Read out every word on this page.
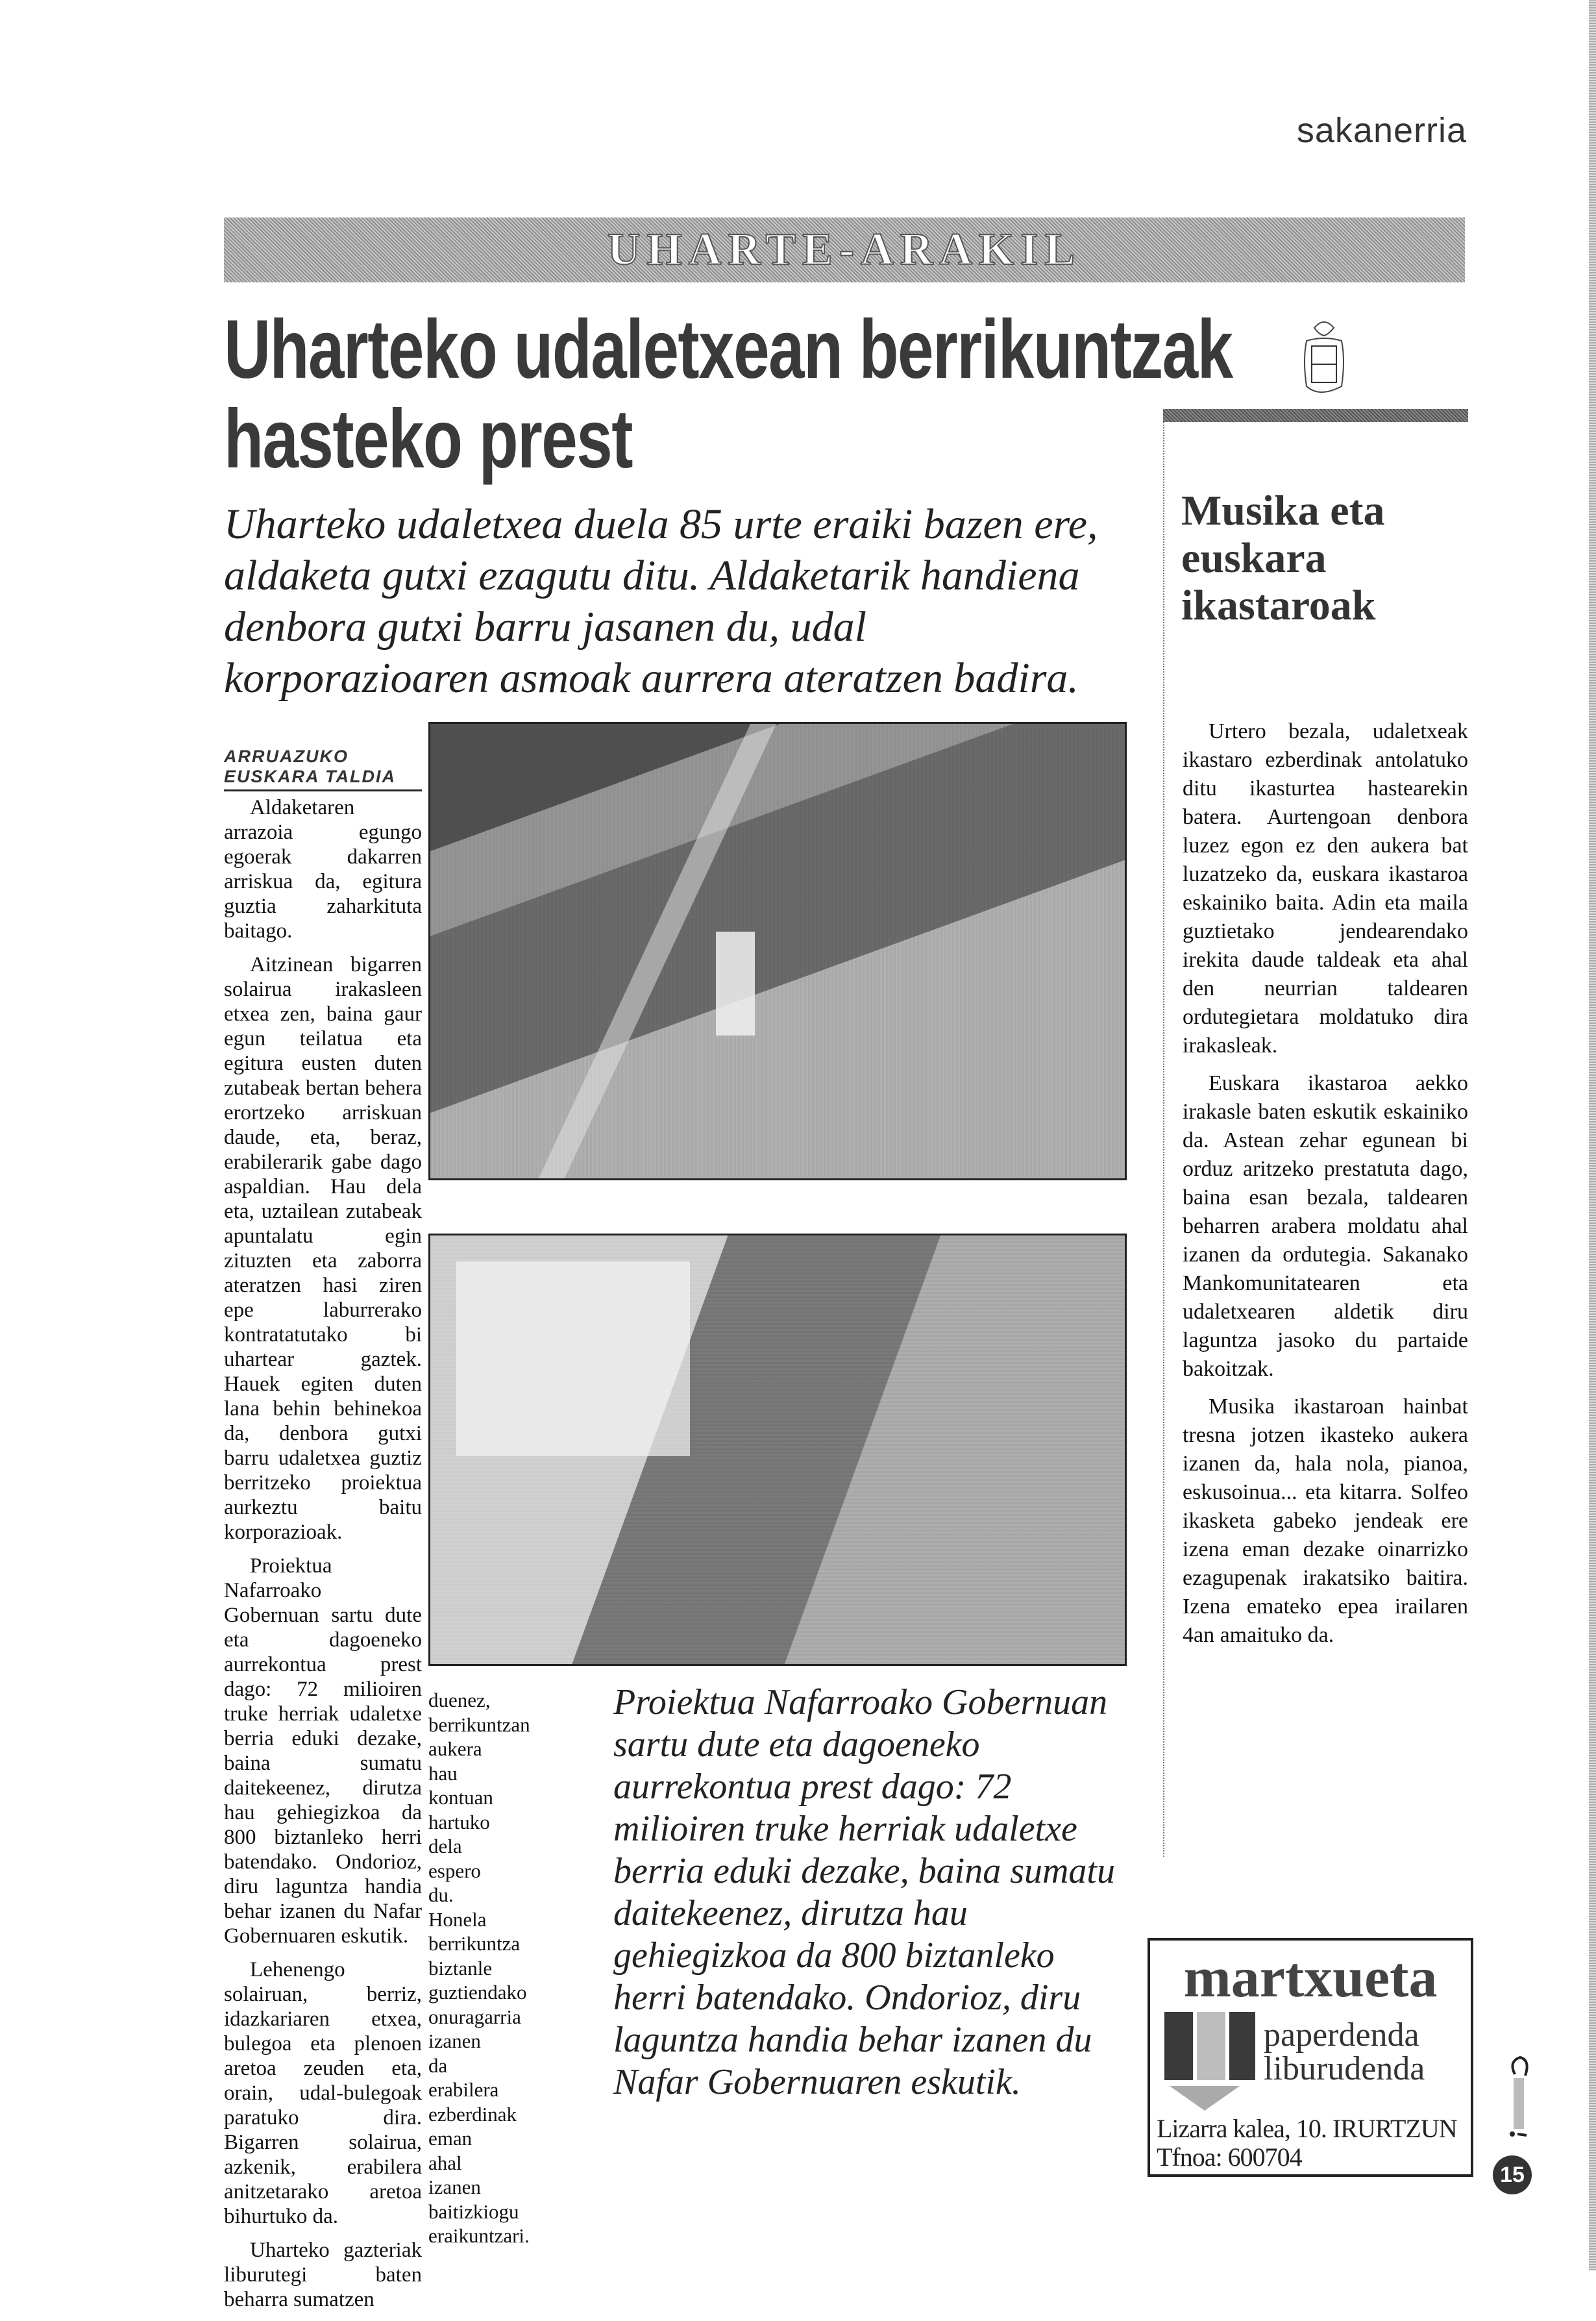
sakanerria
UHARTE-ARAKIL
Uharteko udaletxean berrikuntzak
hasteko prest
Uharteko udaletxea duela 85 urte eraiki bazen ere, aldaketa gutxi ezagutu ditu. Aldaketarik handiena denbora gutxi barru jasanen du, udal korporazioaren asmoak aurrera ateratzen badira.
ARRUAZUKO EUSKARA TALDIA

Aldaketaren arrazoia egungo egoerak dakarren arriskua da, egitura guztia zaharkituta baitago.

Aitzinean bigarren solairua irakasleen etxea zen, baina gaur egun teilatua eta egitura eusten duten zutabeak bertan behera erortzeko arriskuan daude, eta, beraz, erabilerarik gabe dago aspaldian. Hau dela eta, uztailean zutabeak apuntalatu egin zituzten eta zaborra ateratzen hasi ziren epe laburrerako kontratatutako bi uhartear gaztek. Hauek egiten duten lana behin behinekoa da, denbora gutxi barru udaletxea guztiz berritzeko proiektua aurkeztu baitu korporazioak.

Proiektua Nafarroako Gobernuan sartu dute eta dagoeneko aurrekontua prest dago: 72 milioiren truke herriak udaletxe berria eduki dezake, baina sumatu daitekeenez, dirutza hau gehiegizkoa da 800 biztanleko herri batendako. Ondorioz, diru laguntza handia behar izanen du Nafar Gobernuaren eskutik.

Lehenengo solairuan, berriz, idazkariaren etxea, bulegoa eta plenoen aretoa zeuden eta, orain, udal-bulegoak paratuko dira. Bigarren solairua, azkenik, erabilera anitzetarako aretoa bihurtuko da.

Uharteko gazteriak liburutegi baten beharra sumatzen

duenez, berrikuntzan aukera hau kontuan hartuko dela espero du. Honela berrikuntza biztanle guztiendako onuragarria izanen da erabilera ezberdinak eman ahal izanen baitizkiogu eraikuntzari.

Proiektua Nafarroako Gobernuan sartu dute eta dagoeneko aurrekontua prest dago: 72 milioiren truke herriak udaletxe berria eduki dezake, baina sumatu daitekeenez, dirutza hau gehiegizkoa da 800 biztanleko herri batendako. Ondorioz, diru laguntza handia behar izanen du Nafar Gobernuaren eskutik.
Musika eta euskara ikastaroak

Urtero bezala, udaletxeak ikastaro ezberdinak antolatuko ditu ikasturtea hastearekin batera. Aurtengoan denbora luzez egon ez den aukera bat luzatzeko da, euskara ikastaroa eskainiko baita. Adin eta maila guztietako jendearendako irekita daude taldeak eta ahal den neurrian taldearen ordutegietara moldatuko dira irakasleak.

Euskara ikastaroa aekko irakasle baten eskutik eskainiko da. Astean zehar egunean bi orduz aritzeko prestatuta dago, baina esan bezala, taldearen beharren arabera moldatu ahal izanen da ordutegia. Sakanako Mankomunitatearen eta udaletxearen aldetik diru laguntza jasoko du partaide bakoitzak.

Musika ikastaroan hainbat tresna jotzen ikasteko aukera izanen da, hala nola, pianoa, eskusoinua... eta kitarra. Solfeo ikasketa gabeko jendeak ere izena eman dezake oinarrizko ezagupenak irakatsiko baitira. Izena emateko epea irailaren 4an amaituko da.

martxueta
paperdenda
liburudenda
Lizarra kalea, 10. IRURTZUN
Tfnoa: 600704
15
